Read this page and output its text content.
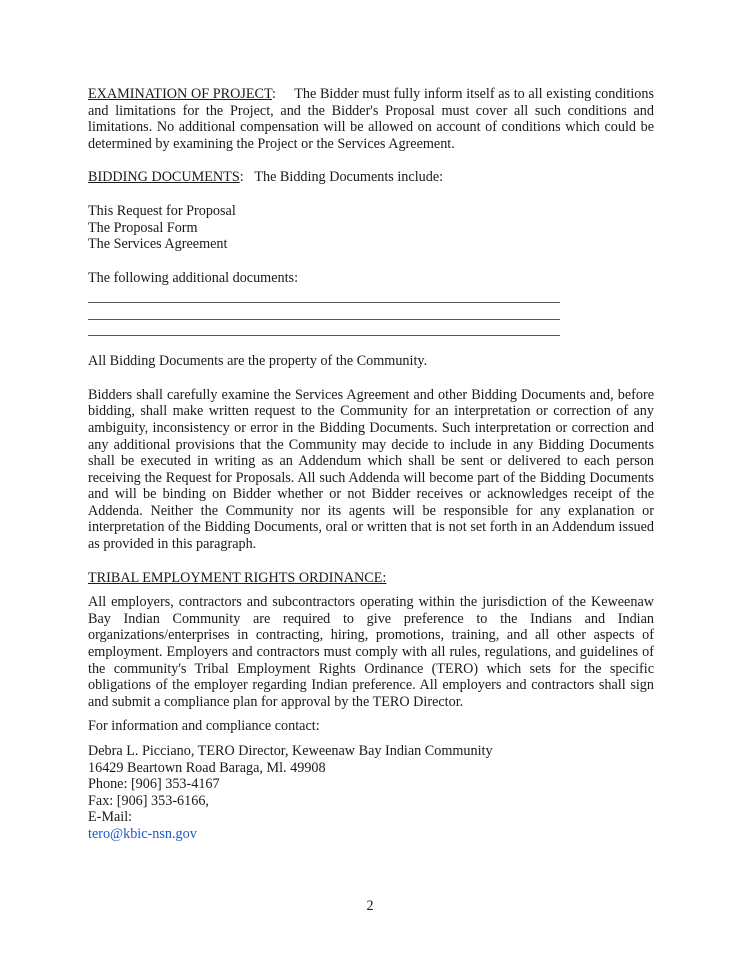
EXAMINATION OF PROJECT:     The Bidder must fully inform itself as to all existing conditions and limitations for the Project, and the Bidder's Proposal must cover all such conditions and limitations. No additional compensation will be allowed on account of conditions which could be determined by examining the Project or the Services Agreement.

BIDDING DOCUMENTS:   The Bidding Documents include:

This Request for Proposal
The Proposal Form
The Services Agreement

The following additional documents:

All Bidding Documents are the property of the Community.

Bidders shall carefully examine the Services Agreement and other Bidding Documents and, before bidding, shall make written request to the Community for an interpretation or correction of any ambiguity, inconsistency or error in the Bidding Documents. Such interpretation or correction and any additional provisions that the Community may decide to include in any Bidding Documents shall be executed in writing as an Addendum which shall be sent or delivered to each person receiving the Request for Proposals. All such Addenda will become part of the Bidding Documents and will be binding on Bidder whether or not Bidder receives or acknowledges receipt of the Addenda. Neither the Community nor its agents will be responsible for any explanation or interpretation of the Bidding Documents, oral or written that is not set forth in an Addendum issued as provided in this paragraph.

TRIBAL EMPLOYMENT RIGHTS ORDINANCE:

All employers, contractors and subcontractors operating within the jurisdiction of the Keweenaw Bay Indian Community are required to give preference to the Indians and Indian organizations/enterprises in contracting, hiring, promotions, training, and all other aspects of employment. Employers and contractors must comply with all rules, regulations, and guidelines of the community's Tribal Employment Rights Ordinance (TERO) which sets for the specific obligations of the employer regarding Indian preference. All employers and contractors shall sign and submit a compliance plan for approval by the TERO Director.

For information and compliance contact:

Debra L. Picciano, TERO Director, Keweenaw Bay Indian Community
16429 Beartown Road Baraga, Ml. 49908
Phone: [906] 353-4167
Fax: [906] 353-6166,
E-Mail:
tero@kbic-nsn.gov
2
